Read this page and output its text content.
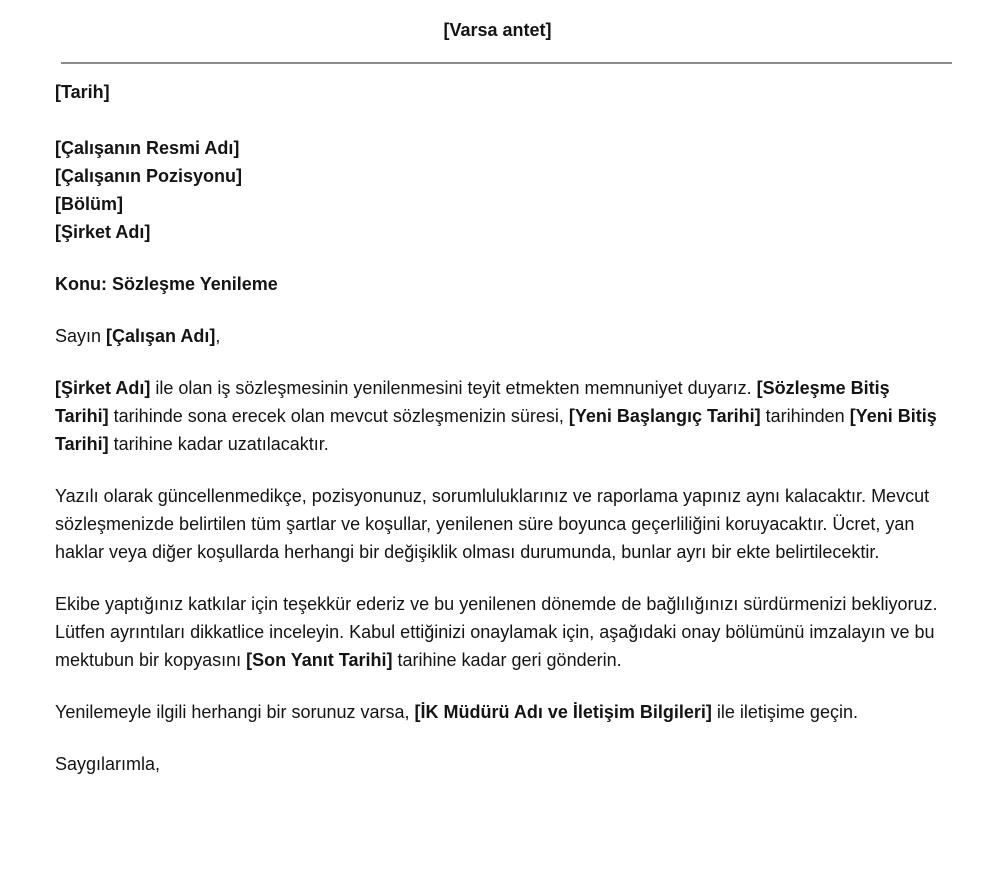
[Varsa antet]
[Tarih]
[Çalışanın Resmi Adı]
[Çalışanın Pozisyonu]
[Bölüm]
[Şirket Adı]
Konu: Sözleşme Yenileme
Sayın [Çalışan Adı],
[Şirket Adı] ile olan iş sözleşmesinin yenilenmesini teyit etmekten memnuniyet duyarız. [Sözleşme Bitiş Tarihi] tarihinde sona erecek olan mevcut sözleşmenizin süresi, [Yeni Başlangıç Tarihi] tarihinden [Yeni Bitiş Tarihi] tarihine kadar uzatılacaktır.
Yazılı olarak güncellenmedikçe, pozisyonunuz, sorumluluklarınız ve raporlama yapınız aynı kalacaktır. Mevcut sözleşmenizde belirtilen tüm şartlar ve koşullar, yenilenen süre boyunca geçerliliğini koruyacaktır. Ücret, yan haklar veya diğer koşullarda herhangi bir değişiklik olması durumunda, bunlar ayrı bir ekte belirtilecektir.
Ekibe yaptığınız katkılar için teşekkür ederiz ve bu yenilenen dönemde de bağlılığınızı sürdürmenizi bekliyoruz. Lütfen ayrıntıları dikkatlice inceleyin. Kabul ettiğinizi onaylamak için, aşağıdaki onay bölümünü imzalayın ve bu mektubun bir kopyasını [Son Yanıt Tarihi] tarihine kadar geri gönderin.
Yenilemeyle ilgili herhangi bir sorunuz varsa, [İK Müdürü Adı ve İletişim Bilgileri] ile iletişime geçin.
Saygılarımla,
